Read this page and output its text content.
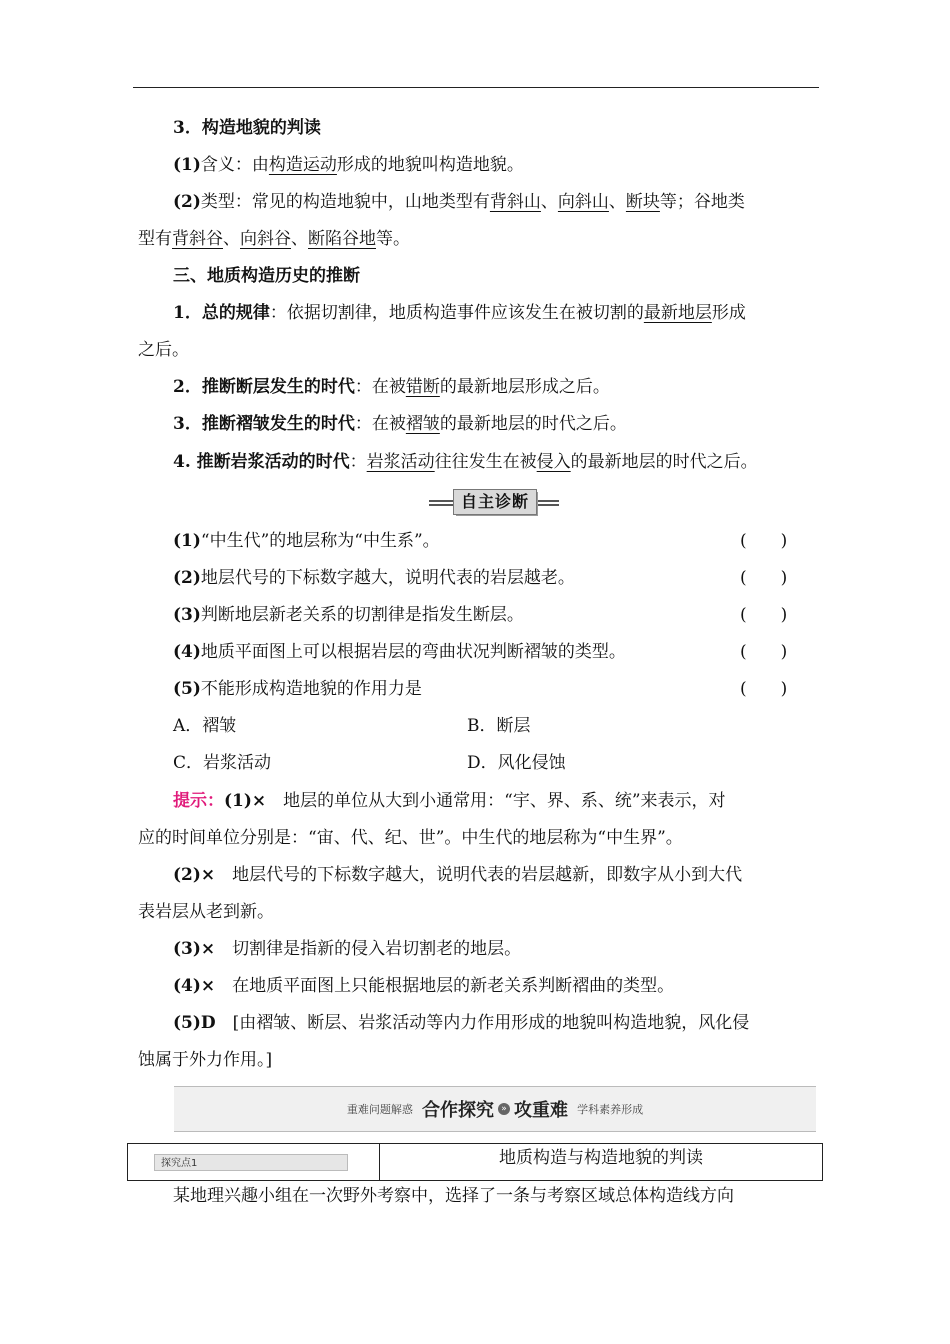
3．构造地貌的判读
(1)含义：由构造运动形成的地貌叫构造地貌。
(2)类型：常见的构造地貌中，山地类型有背斜山、向斜山、断块等；谷地类
型有背斜谷、向斜谷、断陷谷地等。
三、地质构造历史的推断
1．总的规律：依据切割律，地质构造事件应该发生在被切割的最新地层形成
之后。
2．推断断层发生的时代：在被错断的最新地层形成之后。
3．推断褶皱发生的时代：在被褶皱的最新地层的时代之后。
4. 推断岩浆活动的时代：岩浆活动往往发生在被侵入的最新地层的时代之后。
自主诊断
(1)“中生代”的地层称为“中生系”。	(　　)
(2)地层代号的下标数字越大，说明代表的岩层越老。	(　　)
(3)判断地层新老关系的切割律是指发生断层。	(　　)
(4)地质平面图上可以根据岩层的弯曲状况判断褶皱的类型。	(　　)
(5)不能形成构造地貌的作用力是	(　　)
A．褶皱	B．断层
C．岩浆活动	D．风化侵蚀
提示：(1)×　地层的单位从大到小通常用：“宇、界、系、统”来表示，对
应的时间单位分别是：“宙、代、纪、世”。中生代的地层称为“中生界”。
(2)×　地层代号的下标数字越大，说明代表的岩层越新，即数字从小到大代
表岩层从老到新。
(3)×　切割律是指新的侵入岩切割老的地层。
(4)×　在地质平面图上只能根据地层的新老关系判断褶曲的类型。
(5)D　[由褶皱、断层、岩浆活动等内力作用形成的地貌叫构造地貌，风化侵
蚀属于外力作用。]
重难问题解惑 合作探究 » 攻重难 学科素养形成
探究点1	地质构造与构造地貌的判读
某地理兴趣小组在一次野外考察中，选择了一条与考察区域总体构造线方向
